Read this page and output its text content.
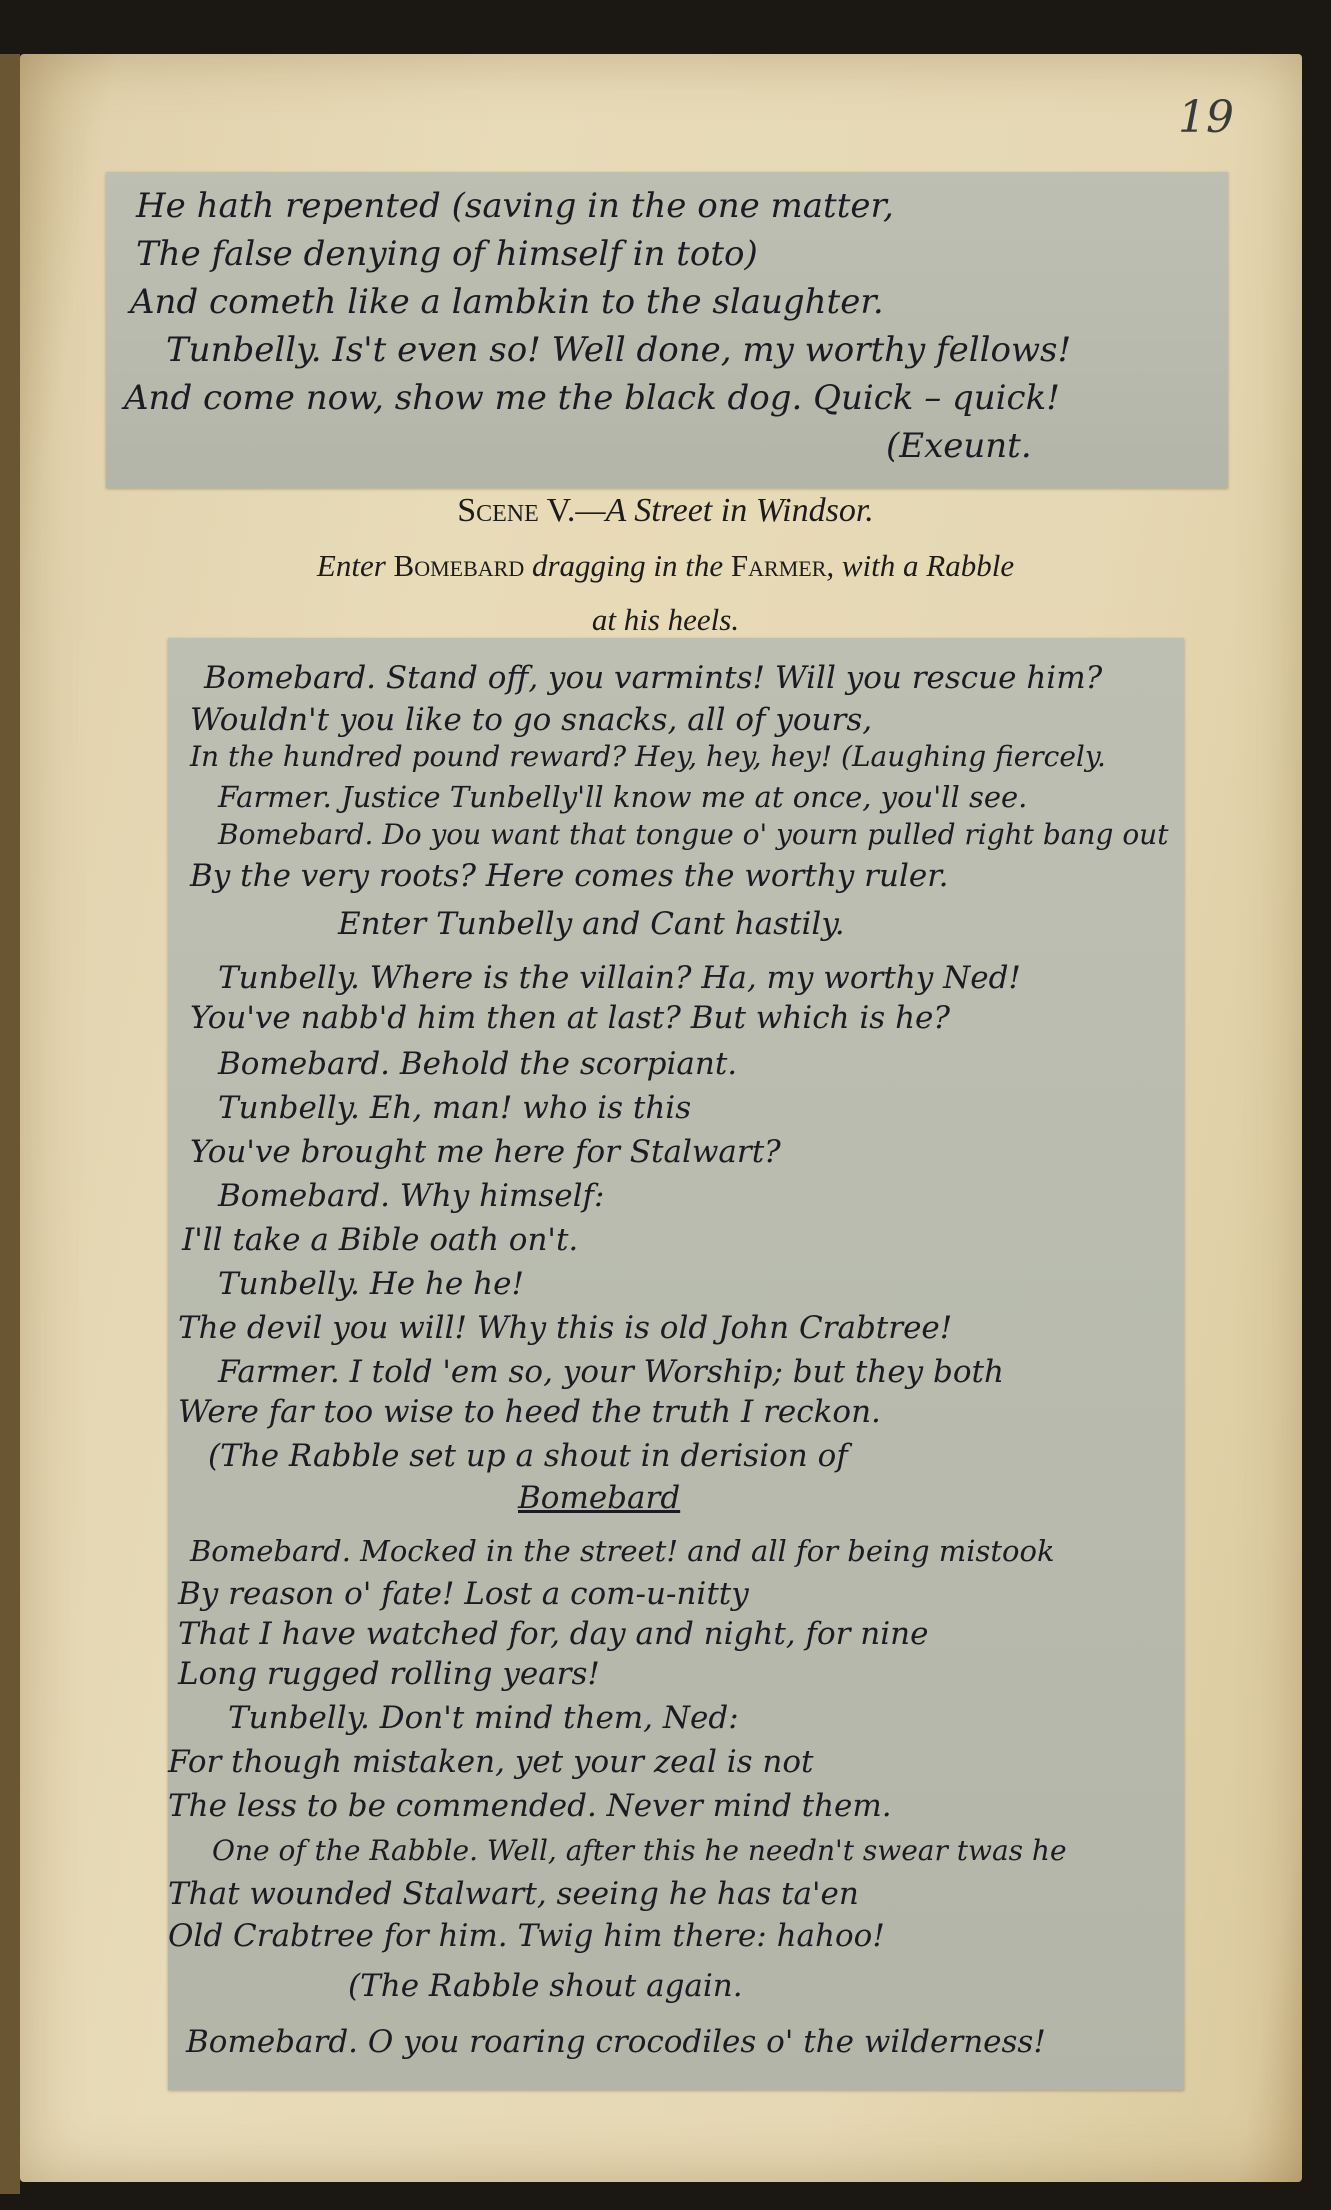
19
He hath repented (saving in the one matter,
The false denying of himself in toto)
And cometh like a lambkin to the slaughter.
Tunbelly. Is't even so! Well done, my worthy fellows!
And come now, show me the black dog. Quick – quick!
(Exeunt.
Scene V.—A Street in Windsor.
Enter Bomebard dragging in the Farmer, with a Rabble
at his heels.
Bomebard. Stand off, you varmints! Will you rescue him?
Wouldn't you like to go snacks, all of yours,
In the hundred pound reward? Hey, hey, hey! (Laughing fiercely.
Farmer. Justice Tunbelly'll know me at once, you'll see.
Bomebard. Do you want that tongue o' yourn pulled right bang out
By the very roots? Here comes the worthy ruler.
Enter Tunbelly and Cant hastily.
Tunbelly. Where is the villain? Ha, my worthy Ned!
You've nabb'd him then at last? But which is he?
Bomebard. Behold the scorpiant.
Tunbelly. Eh, man! who is this
You've brought me here for Stalwart?
Bomebard. Why himself:
I'll take a Bible oath on't.
Tunbelly. He he he!
The devil you will! Why this is old John Crabtree!
Farmer. I told 'em so, your Worship; but they both
Were far too wise to heed the truth I reckon.
(The Rabble set up a shout in derision of
Bomebard
Bomebard. Mocked in the street! and all for being mistook
By reason o' fate! Lost a com-u-nitty
That I have watched for, day and night, for nine
Long rugged rolling years!
Tunbelly. Don't mind them, Ned:
For though mistaken, yet your zeal is not
The less to be commended. Never mind them.
One of the Rabble. Well, after this he needn't swear twas he
That wounded Stalwart, seeing he has ta'en
Old Crabtree for him. Twig him there: hahoo!
(The Rabble shout again.
Bomebard. O you roaring crocodiles o' the wilderness!
